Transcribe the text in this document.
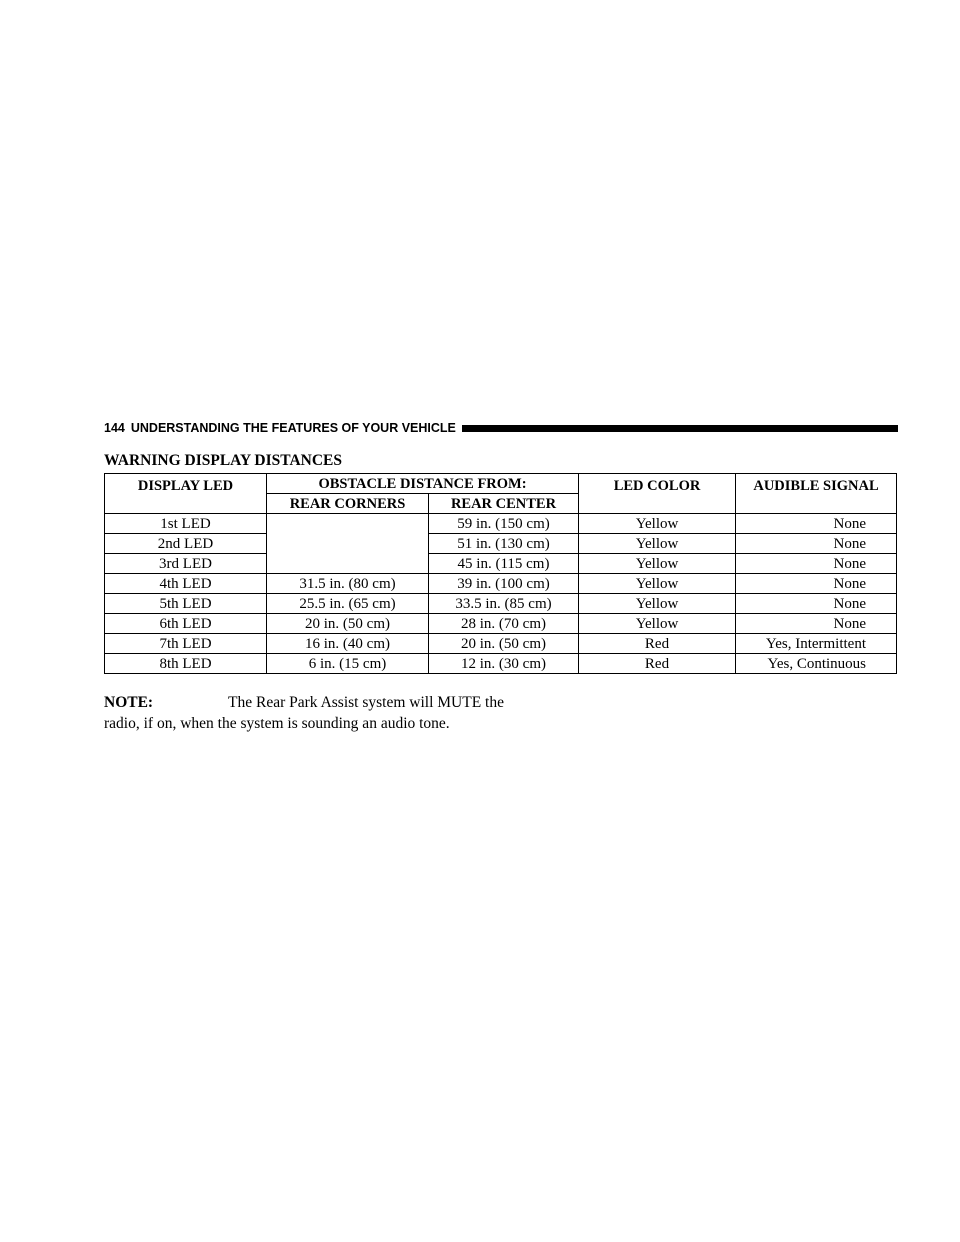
144 UNDERSTANDING THE FEATURES OF YOUR VEHICLE
WARNING DISPLAY DISTANCES
DISPLAY LED	OBSTACLE DISTANCE FROM:		LED COLOR	AUDIBLE SIGNAL
	REAR CORNERS	REAR CENTER		
1st LED		59 in. (150 cm)	Yellow	None
2nd LED		51 in. (130 cm)	Yellow	None
3rd LED		45 in. (115 cm)	Yellow	None
4th LED	31.5 in. (80 cm)	39 in. (100 cm)	Yellow	None
5th LED	25.5 in. (65 cm)	33.5 in. (85 cm)	Yellow	None
6th LED	20 in. (50 cm)	28 in. (70 cm)	Yellow	None
7th LED	16 in. (40 cm)	20 in. (50 cm)	Red	Yes, Intermittent
8th LED	6 in. (15 cm)	12 in. (30 cm)	Red	Yes, Continuous
NOTE:	The Rear Park Assist system will MUTE the
radio, if on, when the system is sounding an audio tone.
